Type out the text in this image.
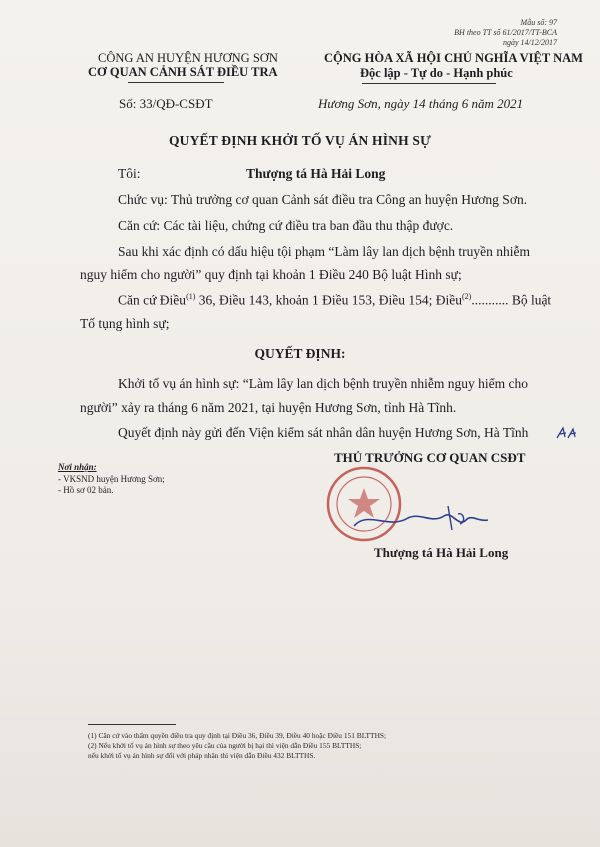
Mẫu số: 97
BH theo TT số 61/2017/TT-BCA
ngày 14/12/2017
CÔNG AN HUYỆN HƯƠNG SƠN
CƠ QUAN CẢNH SÁT ĐIỀU TRA
CỘNG HÒA XÃ HỘI CHỦ NGHĨA VIỆT NAM
Độc lập - Tự do - Hạnh phúc
Số: 33/QĐ-CSĐT	Hương Sơn, ngày 14 tháng 6 năm 2021
QUYẾT ĐỊNH KHỞI TỐ VỤ ÁN HÌNH SỰ
Tôi:	Thượng tá Hà Hải Long
Chức vụ: Thủ trưởng cơ quan Cảnh sát điều tra Công an huyện Hương Sơn.
Căn cứ: Các tài liệu, chứng cứ điều tra ban đầu thu thập được.
Sau khi xác định có dấu hiệu tội phạm “Làm lây lan dịch bệnh truyền nhiễm
nguy hiểm cho người” quy định tại khoản 1 Điều 240 Bộ luật Hình sự;
Căn cứ Điều$^{(1)}$ 36, Điều 143, khoản 1 Điều 153, Điều 154; Điều$^{(2)}$........... Bộ luật
Tố tụng hình sự;
QUYẾT ĐỊNH:
Khởi tố vụ án hình sự: “Làm lây lan dịch bệnh truyền nhiễm nguy hiểm cho
người” xảy ra tháng 6 năm 2021, tại huyện Hương Sơn, tỉnh Hà Tĩnh.
Quyết định này gửi đến Viện kiểm sát nhân dân huyện Hương Sơn, Hà Tĩnh
Nơi nhận:
- VKSND huyện Hương Sơn;
- Hồ sơ 02 bản.
THỦ TRƯỞNG CƠ QUAN CSĐT
Thượng tá Hà Hải Long
(1) Căn cứ vào thẩm quyền điều tra quy định tại Điều 36, Điều 39, Điều 40 hoặc Điều 151 BLTTHS;
(2) Nếu khởi tố vụ án hình sự theo yêu cầu của người bị hại thì viện dẫn Điều 155 BLTTHS;
nếu khởi tố vụ án hình sự đối với pháp nhân thì viện dẫn Điều 432 BLTTHS.
